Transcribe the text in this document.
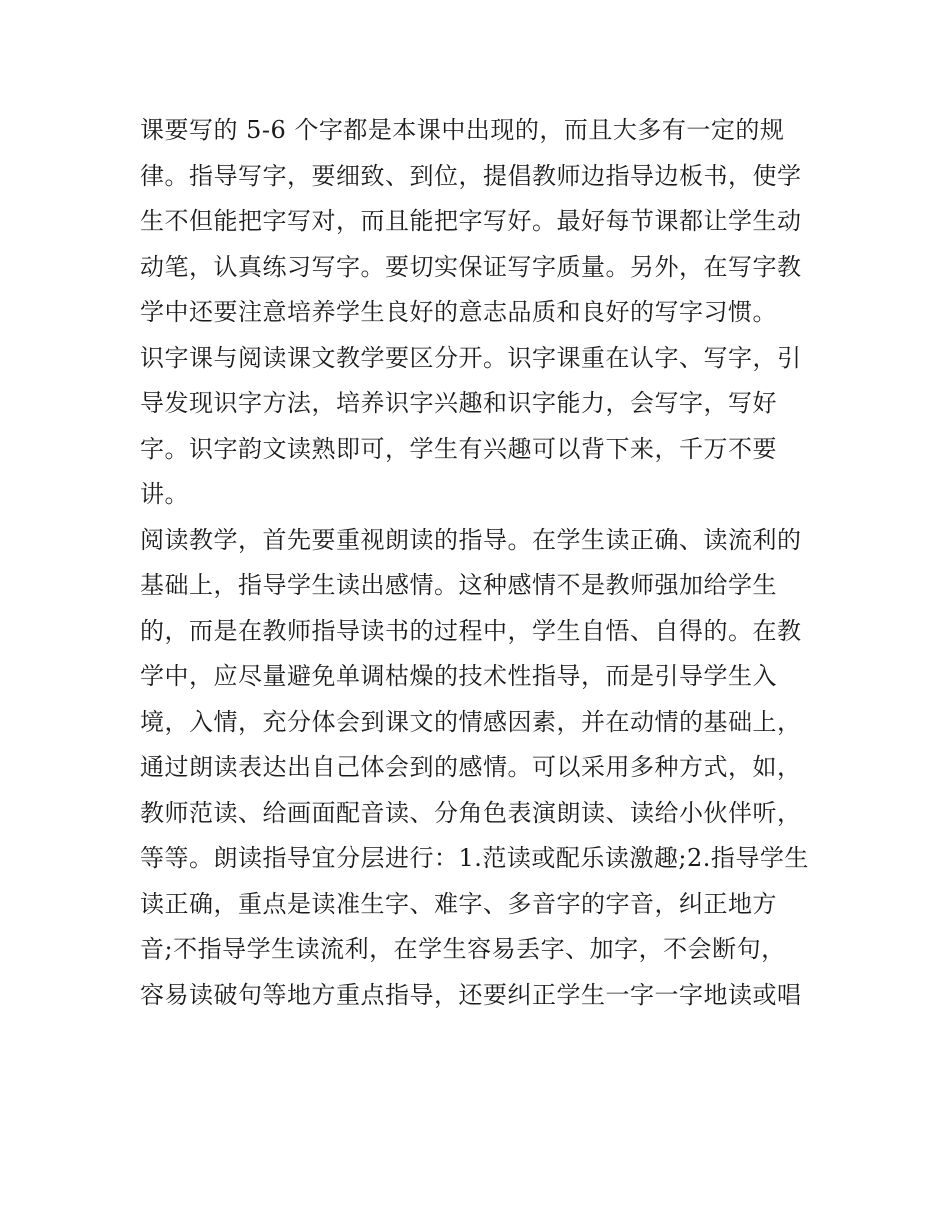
课要写的 5-6 个字都是本课中出现的，而且大多有一定的规
律。指导写字，要细致、到位，提倡教师边指导边板书，使学
生不但能把字写对，而且能把字写好。最好每节课都让学生动
动笔，认真练习写字。要切实保证写字质量。另外，在写字教
学中还要注意培养学生良好的意志品质和良好的写字习惯。
识字课与阅读课文教学要区分开。识字课重在认字、写字，引
导发现识字方法，培养识字兴趣和识字能力，会写字，写好
字。识字韵文读熟即可，学生有兴趣可以背下来，千万不要
讲。
阅读教学，首先要重视朗读的指导。在学生读正确、读流利的
基础上，指导学生读出感情。这种感情不是教师强加给学生
的，而是在教师指导读书的过程中，学生自悟、自得的。在教
学中，应尽量避免单调枯燥的技术性指导，而是引导学生入
境，入情，充分体会到课文的情感因素，并在动情的基础上，
通过朗读表达出自己体会到的感情。可以采用多种方式，如，
教师范读、给画面配音读、分角色表演朗读、读给小伙伴听，
等等。朗读指导宜分层进行：1.范读或配乐读激趣;2.指导学生
读正确，重点是读准生字、难字、多音字的字音，纠正地方
音;不指导学生读流利，在学生容易丢字、加字，不会断句，
容易读破句等地方重点指导，还要纠正学生一字一字地读或唱
